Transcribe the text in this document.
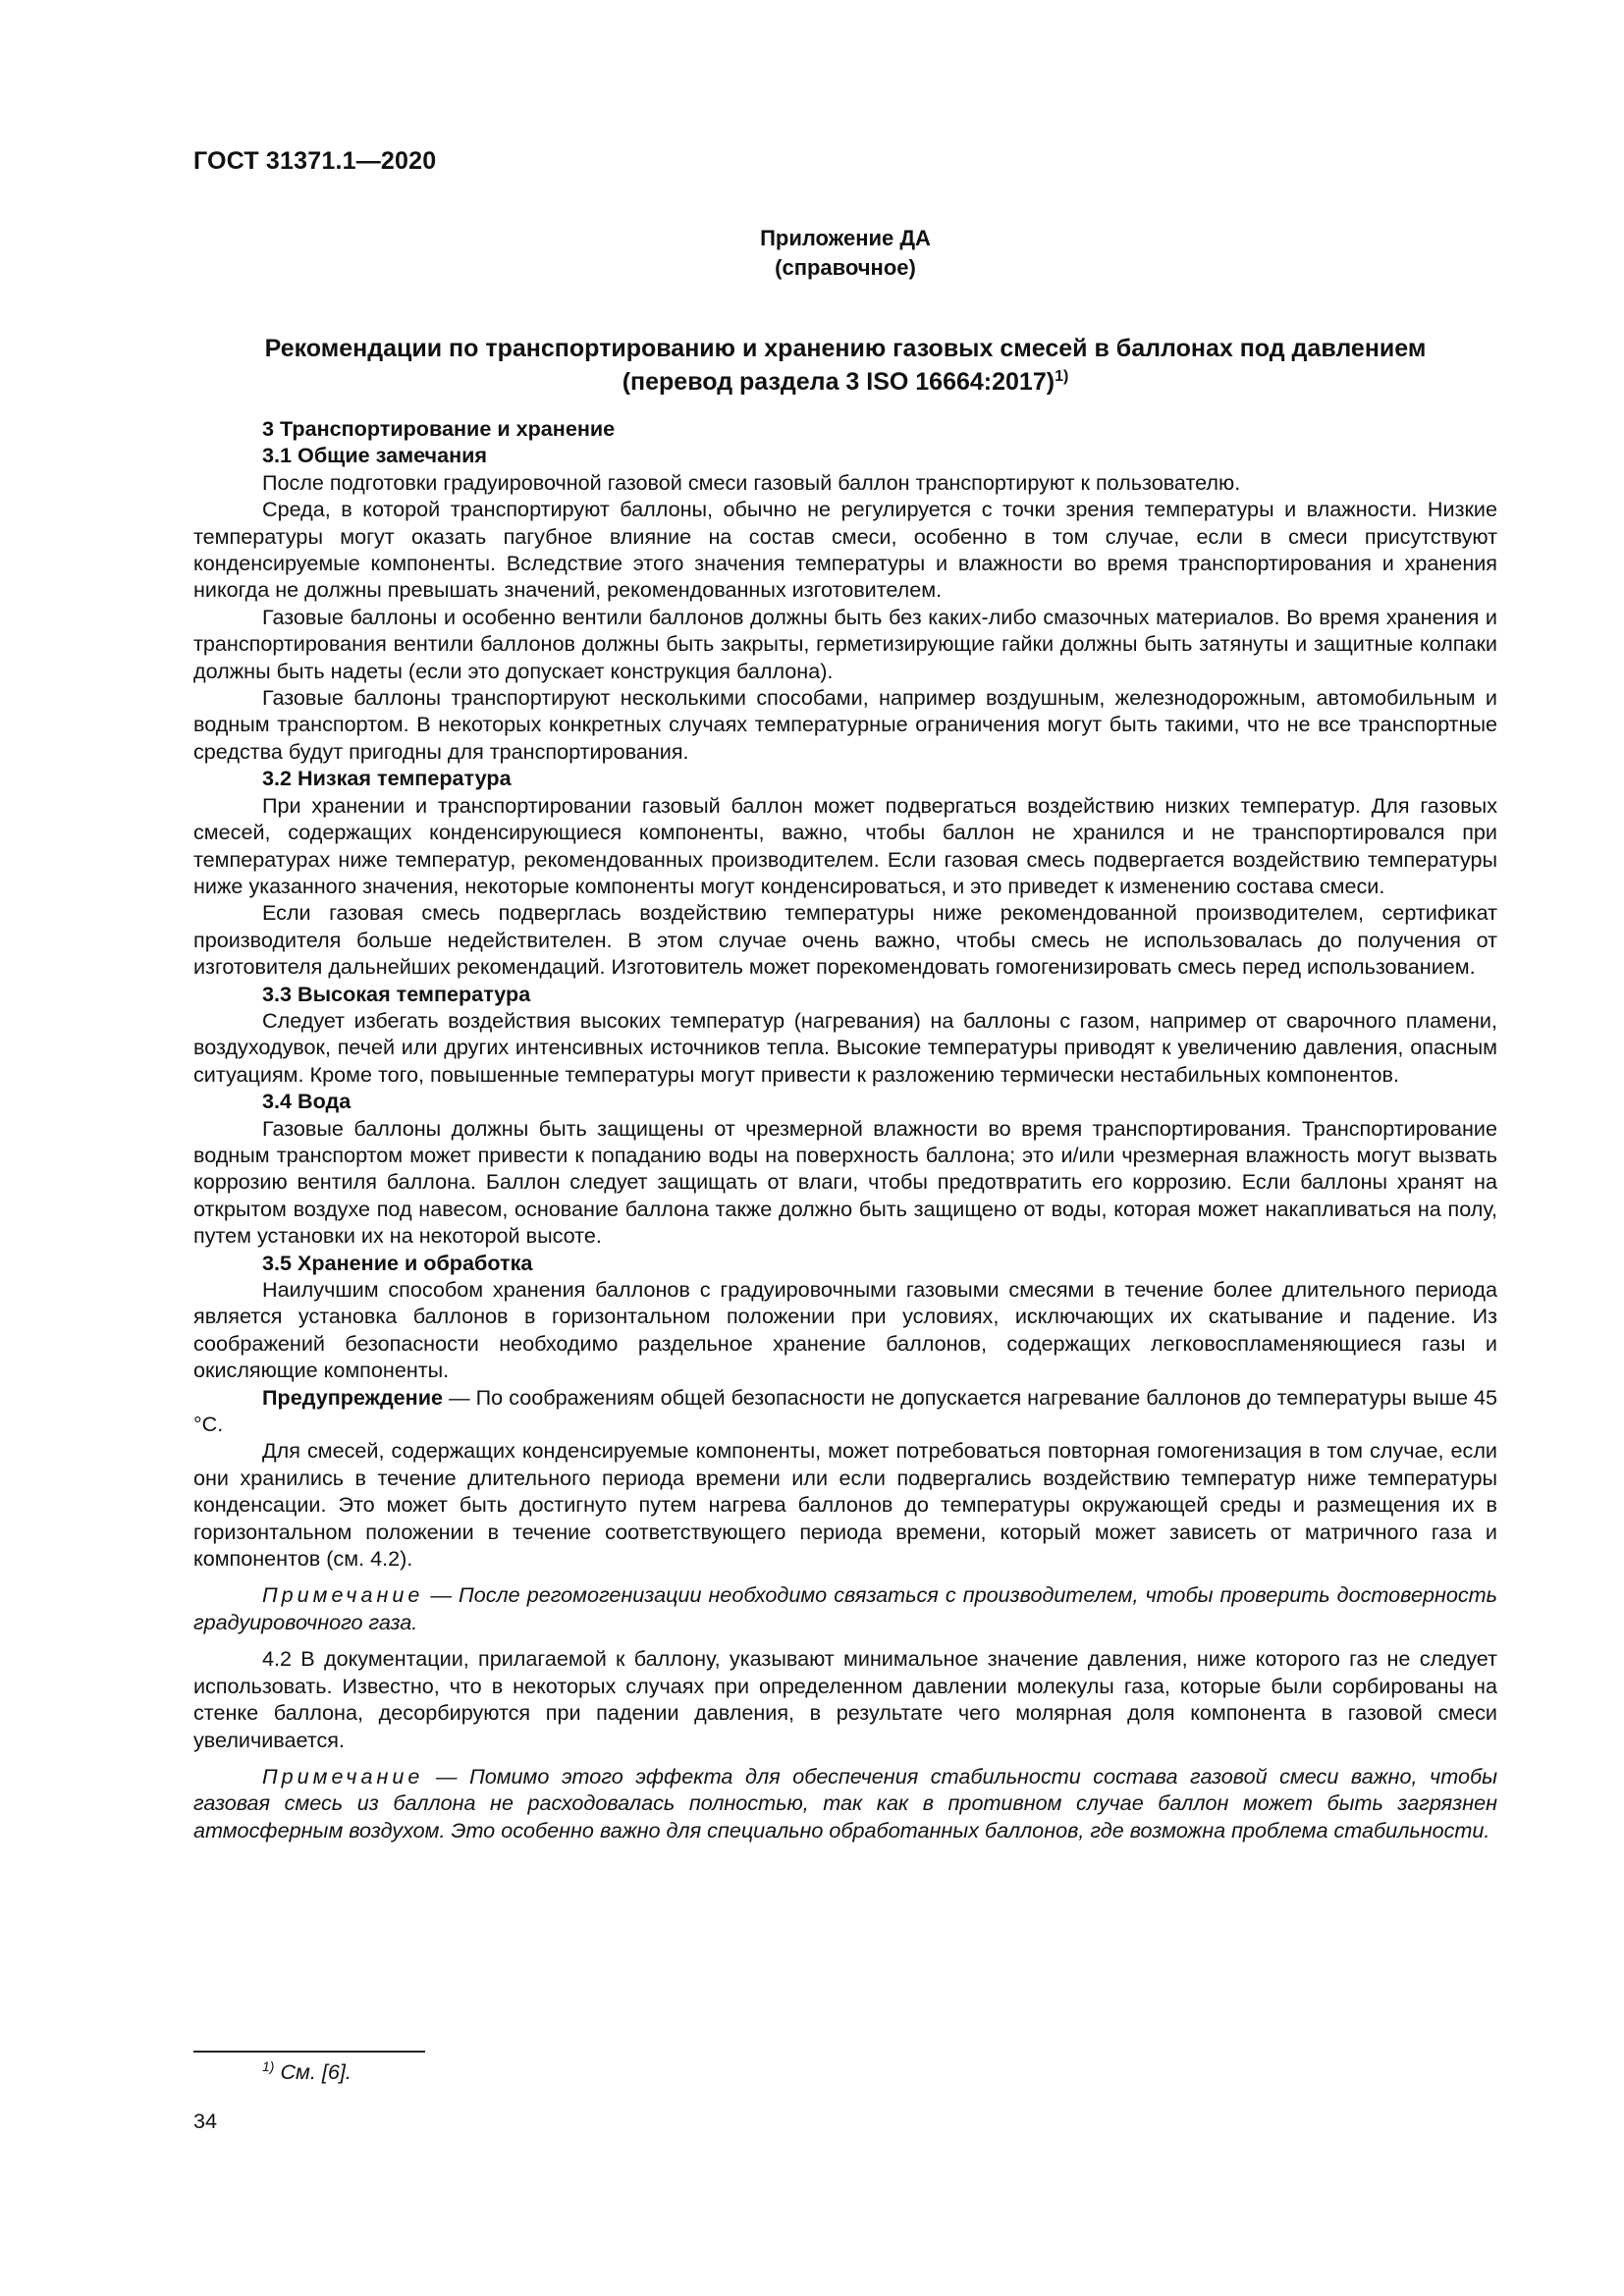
ГОСТ 31371.1—2020
Приложение ДА
(справочное)
Рекомендации по транспортированию и хранению газовых смесей в баллонах под давлением
(перевод раздела 3 ISO 16664:2017)$^{1)}$

3 Транспортирование и хранение

3.1 Общие замечания

После подготовки градуировочной газовой смеси газовый баллон транспортируют к пользователю.

Среда, в которой транспортируют баллоны, обычно не регулируется с точки зрения температуры и влажности. Низкие температуры могут оказать пагубное влияние на состав смеси, особенно в том случае, если в смеси присутствуют конденсируемые компоненты. Вследствие этого значения температуры и влажности во время транспортирования и хранения никогда не должны превышать значений, рекомендованных изготовителем.

Газовые баллоны и особенно вентили баллонов должны быть без каких-либо смазочных материалов. Во время хранения и транспортирования вентили баллонов должны быть закрыты, герметизирующие гайки должны быть затянуты и защитные колпаки должны быть надеты (если это допускает конструкция баллона).

Газовые баллоны транспортируют несколькими способами, например воздушным, железнодорожным, автомобильным и водным транспортом. В некоторых конкретных случаях температурные ограничения могут быть такими, что не все транспортные средства будут пригодны для транспортирования.

3.2 Низкая температура

При хранении и транспортировании газовый баллон может подвергаться воздействию низких температур. Для газовых смесей, содержащих конденсирующиеся компоненты, важно, чтобы баллон не хранился и не транспортировался при температурах ниже температур, рекомендованных производителем. Если газовая смесь подвергается воздействию температуры ниже указанного значения, некоторые компоненты могут конденсироваться, и это приведет к изменению состава смеси.

Если газовая смесь подверглась воздействию температуры ниже рекомендованной производителем, сертификат производителя больше недействителен. В этом случае очень важно, чтобы смесь не использовалась до получения от изготовителя дальнейших рекомендаций. Изготовитель может порекомендовать гомогенизировать смесь перед использованием.

3.3 Высокая температура

Следует избегать воздействия высоких температур (нагревания) на баллоны с газом, например от сварочного пламени, воздуходувок, печей или других интенсивных источников тепла. Высокие температуры приводят к увеличению давления, опасным ситуациям. Кроме того, повышенные температуры могут привести к разложению термически нестабильных компонентов.

3.4 Вода

Газовые баллоны должны быть защищены от чрезмерной влажности во время транспортирования. Транспортирование водным транспортом может привести к попаданию воды на поверхность баллона; это и/или чрезмерная влажность могут вызвать коррозию вентиля баллона. Баллон следует защищать от влаги, чтобы предотвратить его коррозию. Если баллоны хранят на открытом воздухе под навесом, основание баллона также должно быть защищено от воды, которая может накапливаться на полу, путем установки их на некоторой высоте.

3.5 Хранение и обработка

Наилучшим способом хранения баллонов с градуировочными газовыми смесями в течение более длительного периода является установка баллонов в горизонтальном положении при условиях, исключающих их скатывание и падение. Из соображений безопасности необходимо раздельное хранение баллонов, содержащих легковоспламеняющиеся газы и окисляющие компоненты.

Предупреждение — По соображениям общей безопасности не допускается нагревание баллонов до температуры выше 45 °С.

Для смесей, содержащих конденсируемые компоненты, может потребоваться повторная гомогенизация в том случае, если они хранились в течение длительного периода времени или если подвергались воздействию температур ниже температуры конденсации. Это может быть достигнуто путем нагрева баллонов до температуры окружающей среды и размещения их в горизонтальном положении в течение соответствующего периода времени, который может зависеть от матричного газа и компонентов (см. 4.2).

Примечание — После регомогенизации необходимо связаться с производителем, чтобы проверить достоверность градуировочного газа.

4.2 В документации, прилагаемой к баллону, указывают минимальное значение давления, ниже которого газ не следует использовать. Известно, что в некоторых случаях при определенном давлении молекулы газа, которые были сорбированы на стенке баллона, десорбируются при падении давления, в результате чего молярная доля компонента в газовой смеси увеличивается.

Примечание — Помимо этого эффекта для обеспечения стабильности состава газовой смеси важно, чтобы газовая смесь из баллона не расходовалась полностью, так как в противном случае баллон может быть загрязнен атмосферным воздухом. Это особенно важно для специально обработанных баллонов, где возможна проблема стабильности.

$^{1)}$ См. [6].
34
